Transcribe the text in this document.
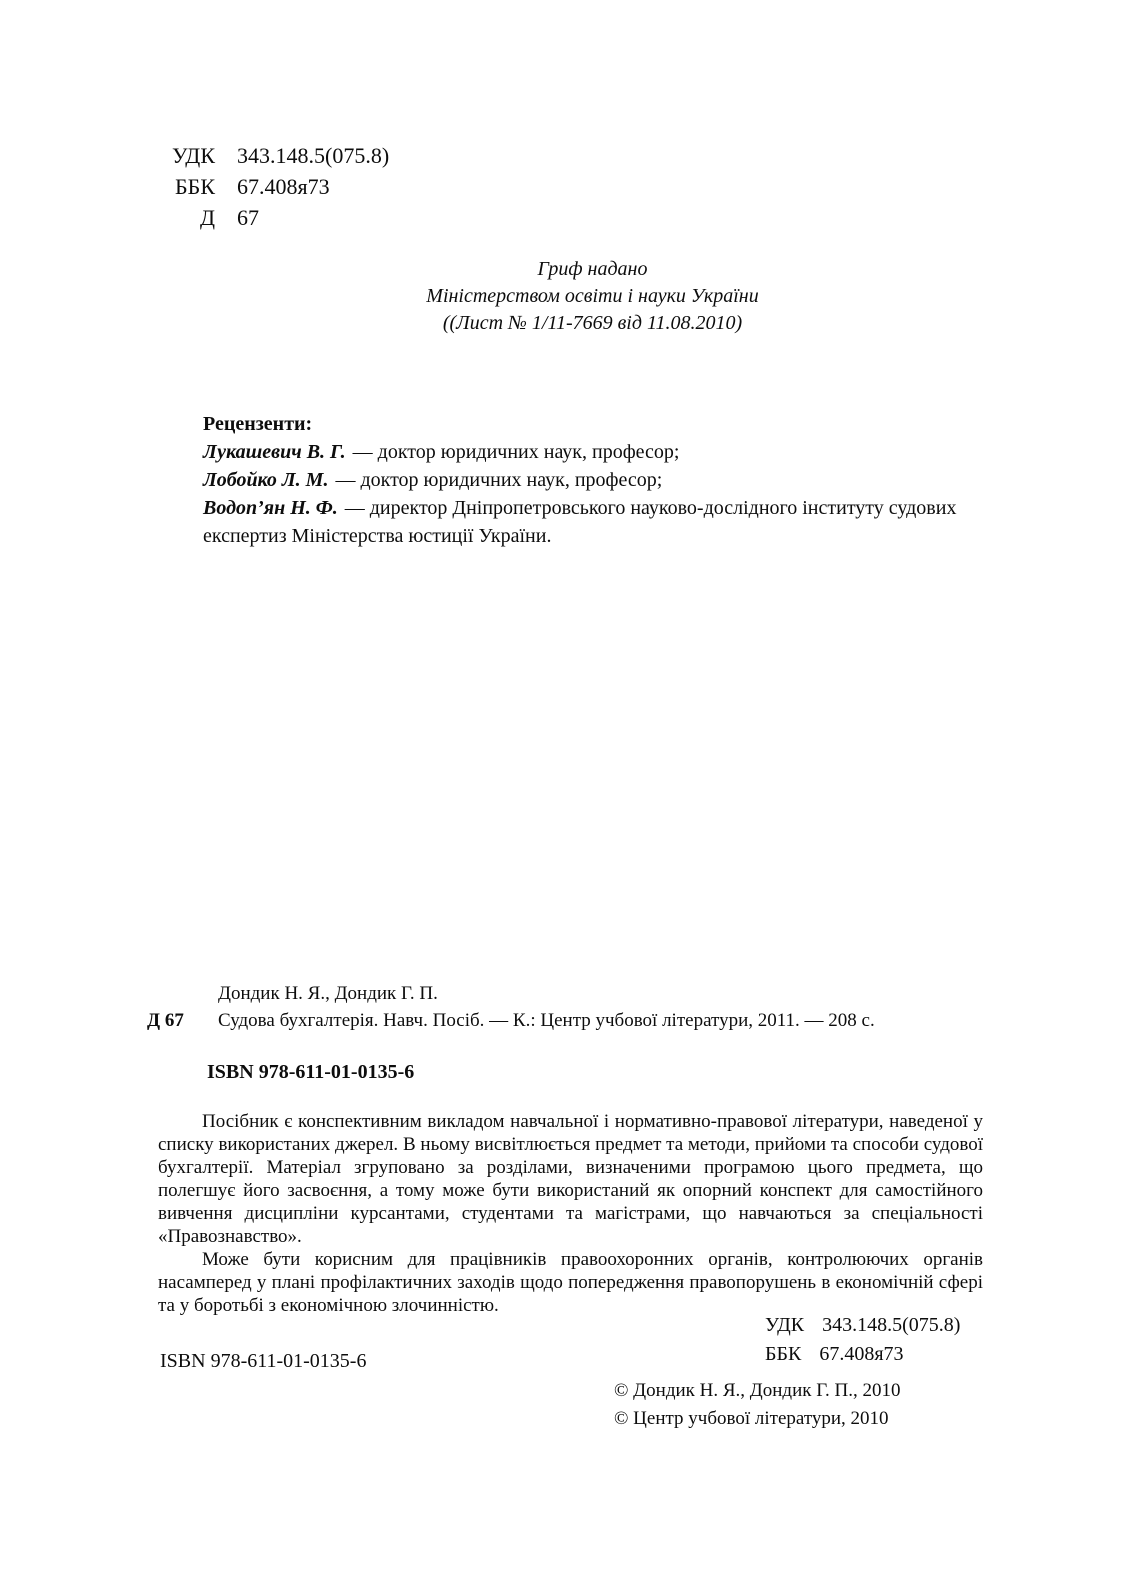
УДК 343.148.5(075.8)
ББК 67.408я73
Д 67
Гриф надано
Міністерством освіти і науки України
((Лист № 1/11-7669 від 11.08.2010)

Рецензенти:

Лукашевич В. Г. — доктор юридичних наук, професор;

Лобойко Л. М. — доктор юридичних наук, професор;

Водоп’ян Н. Ф. — директор Дніпропетровського науково-дослідного інституту судових експертиз Міністерства юстиції України.

Дондик Н. Я., Дондик Г. П.

Д 67	Судова бухгалтерія. Навч. Посіб. — К.: Центр учбової літератури, 2011. — 208 с.

ISBN 978-611-01-0135-6

Посібник є конспективним викладом навчальної і нормативно-правової літератури, наведеної у списку використаних джерел. В ньому висвітлюється предмет та методи, прийоми та способи судової бухгалтерії. Матеріал згруповано за розділами, визначеними програмою цього предмета, що полегшує його засвоєння, а тому може бути використаний як опорний конспект для самостійного вивчення дисципліни курсантами, студентами та магістрами, що навчаються за спеціальності «Правознавство».

Може бути корисним для працівників правоохоронних органів, контролюючих органів насамперед у плані профілактичних заходів щодо попередження правопорушень в економічній сфері та у боротьбі з економічною злочинністю.

УДК 343.148.5(075.8)
ББК 67.408я73

ISBN 978-611-01-0135-6

© Дондик Н. Я., Дондик Г. П., 2010

© Центр учбової літератури, 2010
